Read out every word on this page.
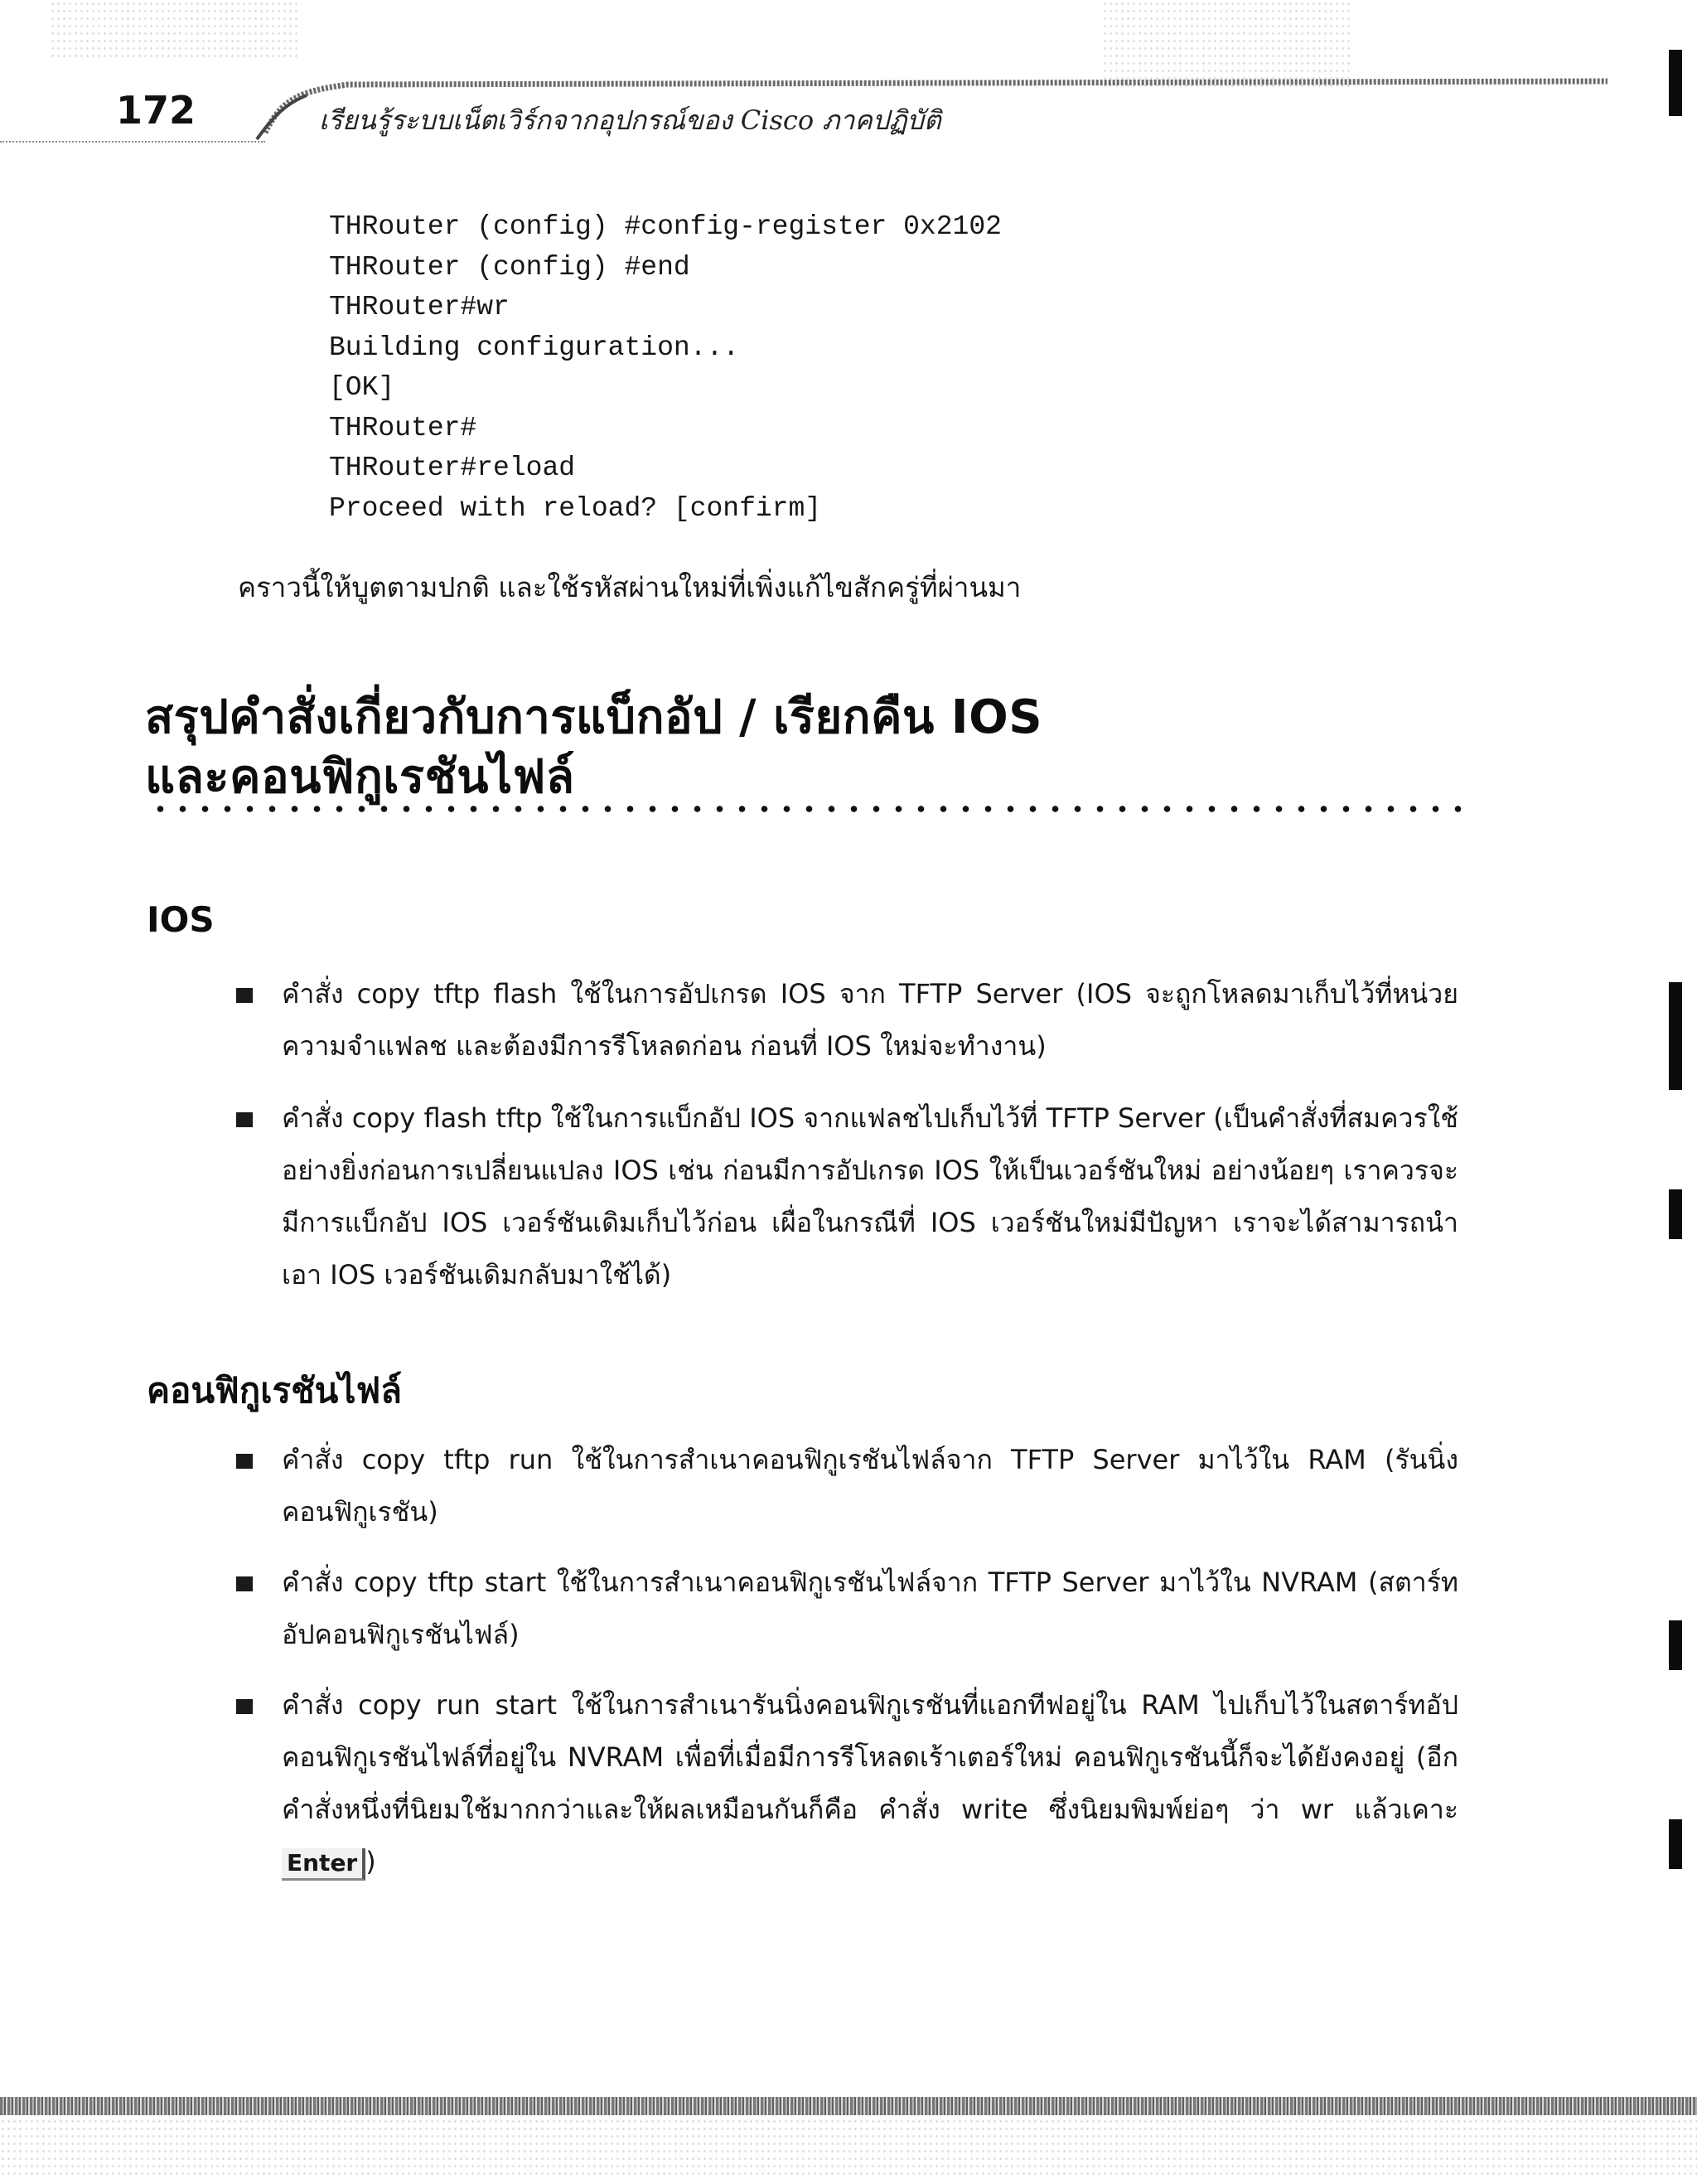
172	เรียนรู้ระบบเน็ตเวิร์กจากอุปกรณ์ของ Cisco ภาคปฏิบัติ
THRouter (config) #config-register 0x2102
THRouter (config) #end
THRouter#wr
Building configuration...
[OK]
THRouter#
THRouter#reload
Proceed with reload? [confirm]
คราวนี้ให้บูตตามปกติ และใช้รหัสผ่านใหม่ที่เพิ่งแก้ไขสักครู่ที่ผ่านมา
สรุปคำสั่งเกี่ยวกับการแบ็กอัป / เรียกคืน IOS
และคอนฟิกูเรชันไฟล์
IOS
คำสั่ง copy tftp flash ใช้ในการอัปเกรด IOS จาก TFTP Server (IOS จะถูกโหลดมาเก็บไว้ที่หน่วยความจำแฟลช และต้องมีการรีโหลดก่อน ก่อนที่ IOS ใหม่จะทำงาน)
คำสั่ง copy flash tftp ใช้ในการแบ็กอัป IOS จากแฟลชไปเก็บไว้ที่ TFTP Server (เป็นคำสั่งที่สมควรใช้อย่างยิ่งก่อนการเปลี่ยนแปลง IOS เช่น ก่อนมีการอัปเกรด IOS ให้เป็นเวอร์ชันใหม่ อย่างน้อยๆ เราควรจะมีการแบ็กอัป IOS เวอร์ชันเดิมเก็บไว้ก่อน เผื่อในกรณีที่ IOS เวอร์ชันใหม่มีปัญหา เราจะได้สามารถนำเอา IOS เวอร์ชันเดิมกลับมาใช้ได้)
คอนฟิกูเรชันไฟล์
คำสั่ง copy tftp run ใช้ในการสำเนาคอนฟิกูเรชันไฟล์จาก TFTP Server มาไว้ใน RAM (รันนิ่งคอนฟิกูเรชัน)
คำสั่ง copy tftp start ใช้ในการสำเนาคอนฟิกูเรชันไฟล์จาก TFTP Server มาไว้ใน NVRAM (สตาร์ทอัปคอนฟิกูเรชันไฟล์)
คำสั่ง copy run start ใช้ในการสำเนารันนิ่งคอนฟิกูเรชันที่แอกทีฟอยู่ใน RAM ไปเก็บไว้ในสตาร์ทอัปคอนฟิกูเรชันไฟล์ที่อยู่ใน NVRAM เพื่อที่เมื่อมีการรีโหลดเร้าเตอร์ใหม่ คอนฟิกูเรชันนี้ก็จะได้ยังคงอยู่ (อีกคำสั่งหนึ่งที่นิยมใช้มากกว่าและให้ผลเหมือนกันก็คือ คำสั่ง write ซึ่งนิยมพิมพ์ย่อๆ ว่า wr แล้วเคาะ Enter )
